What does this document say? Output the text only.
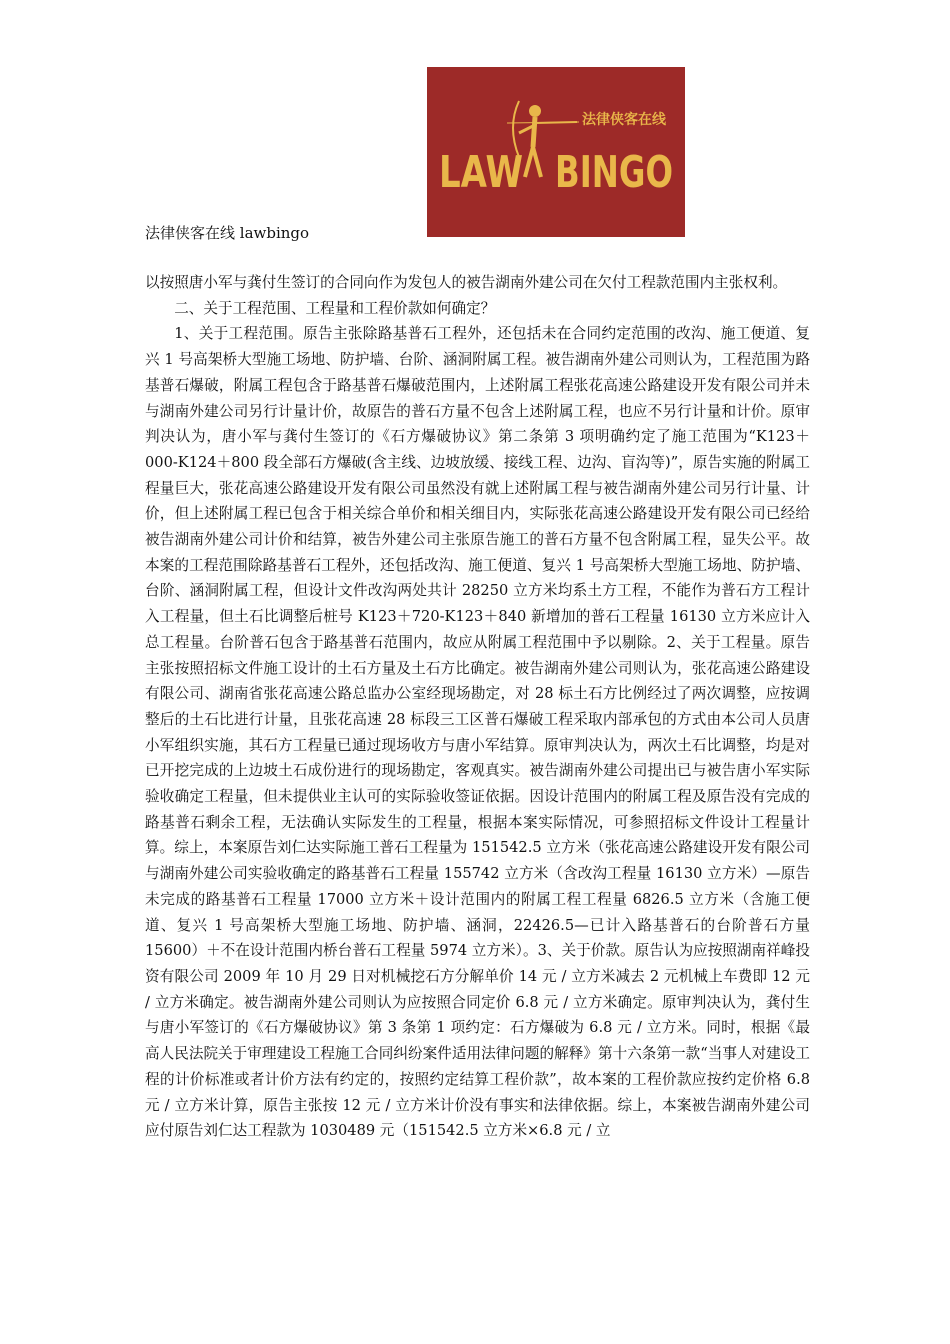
法律侠客在线
LAW BINGO
法律侠客在线 lawbingo

以按照唐小军与龚付生签订的合同向作为发包人的被告湖南外建公司在欠付工程款范围内主张权利。

二、关于工程范围、工程量和工程价款如何确定？

1、关于工程范围。原告主张除路基普石工程外，还包括未在合同约定范围的改沟、施工便道、复兴 1 号高架桥大型施工场地、防护墙、台阶、涵洞附属工程。被告湖南外建公司则认为，工程范围为路基普石爆破，附属工程包含于路基普石爆破范围内，上述附属工程张花高速公路建设开发有限公司并未与湖南外建公司另行计量计价，故原告的普石方量不包含上述附属工程，也应不另行计量和计价。原审判决认为，唐小军与龚付生签订的《石方爆破协议》第二条第 3 项明确约定了施工范围为“K123＋000-K124＋800 段全部石方爆破(含主线、边坡放缓、接线工程、边沟、盲沟等)”，原告实施的附属工程量巨大，张花高速公路建设开发有限公司虽然没有就上述附属工程与被告湖南外建公司另行计量、计价，但上述附属工程已包含于相关综合单价和相关细目内，实际张花高速公路建设开发有限公司已经给被告湖南外建公司计价和结算，被告外建公司主张原告施工的普石方量不包含附属工程，显失公平。故本案的工程范围除路基普石工程外，还包括改沟、施工便道、复兴 1 号高架桥大型施工场地、防护墙、台阶、涵洞附属工程，但设计文件改沟两处共计 28250 立方米均系土方工程，不能作为普石方工程计入工程量，但土石比调整后桩号 K123＋720-K123＋840 新增加的普石工程量 16130 立方米应计入总工程量。台阶普石包含于路基普石范围内，故应从附属工程范围中予以剔除。2、关于工程量。原告主张按照招标文件施工设计的土石方量及土石方比确定。被告湖南外建公司则认为，张花高速公路建设有限公司、湖南省张花高速公路总监办公室经现场勘定，对 28 标土石方比例经过了两次调整，应按调整后的土石比进行计量，且张花高速 28 标段三工区普石爆破工程采取内部承包的方式由本公司人员唐小军组织实施，其石方工程量已通过现场收方与唐小军结算。原审判决认为，两次土石比调整，均是对已开挖完成的上边坡土石成份进行的现场勘定，客观真实。被告湖南外建公司提出已与被告唐小军实际验收确定工程量，但未提供业主认可的实际验收签证依据。因设计范围内的附属工程及原告没有完成的路基普石剩余工程，无法确认实际发生的工程量，根据本案实际情况，可参照招标文件设计工程量计算。综上，本案原告刘仁达实际施工普石工程量为 151542.5 立方米（张花高速公路建设开发有限公司与湖南外建公司实验收确定的路基普石工程量 155742 立方米（含改沟工程量 16130 立方米）—原告未完成的路基普石工程量 17000 立方米＋设计范围内的附属工程工程量 6826.5 立方米（含施工便道、复兴 1 号高架桥大型施工场地、防护墙、涵洞，22426.5—已计入路基普石的台阶普石方量 15600）＋不在设计范围内桥台普石工程量 5974 立方米）。3、关于价款。原告认为应按照湖南祥峰投资有限公司 2009 年 10 月 29 日对机械挖石方分解单价 14 元 / 立方米减去 2 元机械上车费即 12 元 / 立方米确定。被告湖南外建公司则认为应按照合同定价 6.8 元 / 立方米确定。原审判决认为，龚付生与唐小军签订的《石方爆破协议》第 3 条第 1 项约定：石方爆破为 6.8 元 / 立方米。同时，根据《最高人民法院关于审理建设工程施工合同纠纷案件适用法律问题的解释》第十六条第一款“当事人对建设工程的计价标准或者计价方法有约定的，按照约定结算工程价款”，故本案的工程价款应按约定价格 6.8 元 / 立方米计算，原告主张按 12 元 / 立方米计价没有事实和法律依据。综上，本案被告湖南外建公司应付原告刘仁达工程款为 1030489 元（151542.5 立方米×6.8 元 / 立
